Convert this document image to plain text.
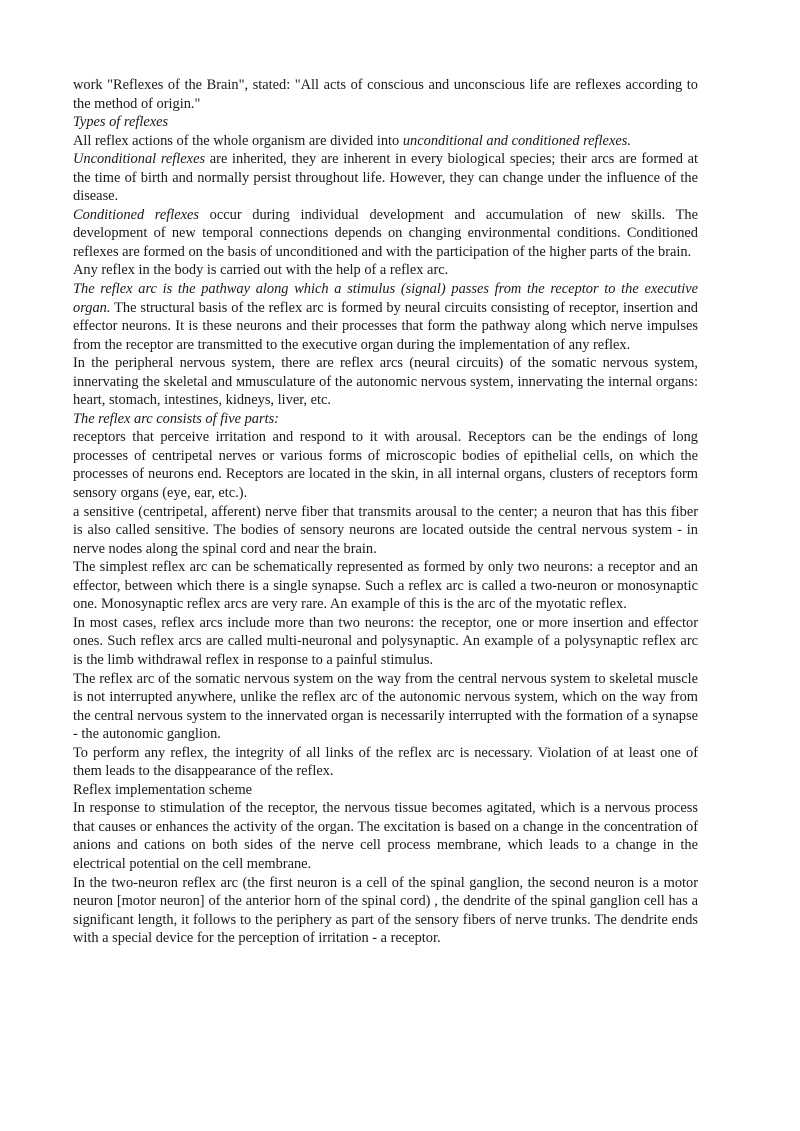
work "Reflexes of the Brain", stated: "All acts of conscious and unconscious life are reflexes according to the method of origin."

Types of reflexes

All reflex actions of the whole organism are divided into unconditional and conditioned reflexes.

Unconditional reflexes are inherited, they are inherent in every biological species; their arcs are formed at the time of birth and normally persist throughout life. However, they can change under the influence of the disease.

Conditioned reflexes occur during individual development and accumulation of new skills. The development of new temporal connections depends on changing environmental conditions. Conditioned reflexes are formed on the basis of unconditioned and with the participation of the higher parts of the brain.

Any reflex in the body is carried out with the help of a reflex arc.

The reflex arc is the pathway along which a stimulus (signal) passes from the receptor to the executive organ. The structural basis of the reflex arc is formed by neural circuits consisting of receptor, insertion and effector neurons. It is these neurons and their processes that form the pathway along which nerve impulses from the receptor are transmitted to the executive organ during the implementation of any reflex.

In the peripheral nervous system, there are reflex arcs (neural circuits) of the somatic nervous system, innervating the skeletal and мmusculature of the autonomic nervous system, innervating the internal organs: heart, stomach, intestines, kidneys, liver, etc.

The reflex arc consists of five parts:

receptors that perceive irritation and respond to it with arousal. Receptors can be the endings of long processes of centripetal nerves or various forms of microscopic bodies of epithelial cells, on which the processes of neurons end. Receptors are located in the skin, in all internal organs, clusters of receptors form sensory organs (eye, ear, etc.).

a sensitive (centripetal, afferent) nerve fiber that transmits arousal to the center; a neuron that has this fiber is also called sensitive. The bodies of sensory neurons are located outside the central nervous system - in nerve nodes along the spinal cord and near the brain.

The simplest reflex arc can be schematically represented as formed by only two neurons: a receptor and an effector, between which there is a single synapse. Such a reflex arc is called a two-neuron or monosynaptic one. Monosynaptic reflex arcs are very rare. An example of this is the arc of the myotatic reflex.

In most cases, reflex arcs include more than two neurons: the receptor, one or more insertion and effector ones. Such reflex arcs are called multi-neuronal and polysynaptic. An example of a polysynaptic reflex arc is the limb withdrawal reflex in response to a painful stimulus.

The reflex arc of the somatic nervous system on the way from the central nervous system to skeletal muscle is not interrupted anywhere, unlike the reflex arc of the autonomic nervous system, which on the way from the central nervous system to the innervated organ is necessarily interrupted with the formation of a synapse - the autonomic ganglion.

To perform any reflex, the integrity of all links of the reflex arc is necessary. Violation of at least one of them leads to the disappearance of the reflex.

Reflex implementation scheme

In response to stimulation of the receptor, the nervous tissue becomes agitated, which is a nervous process that causes or enhances the activity of the organ. The excitation is based on a change in the concentration of anions and cations on both sides of the nerve cell process membrane, which leads to a change in the electrical potential on the cell membrane.

In the two-neuron reflex arc (the first neuron is a cell of the spinal ganglion, the second neuron is a motor neuron [motor neuron] of the anterior horn of the spinal cord) , the dendrite of the spinal ganglion cell has a significant length, it follows to the periphery as part of the sensory fibers of nerve trunks. The dendrite ends with a special device for the perception of irritation - a receptor.
